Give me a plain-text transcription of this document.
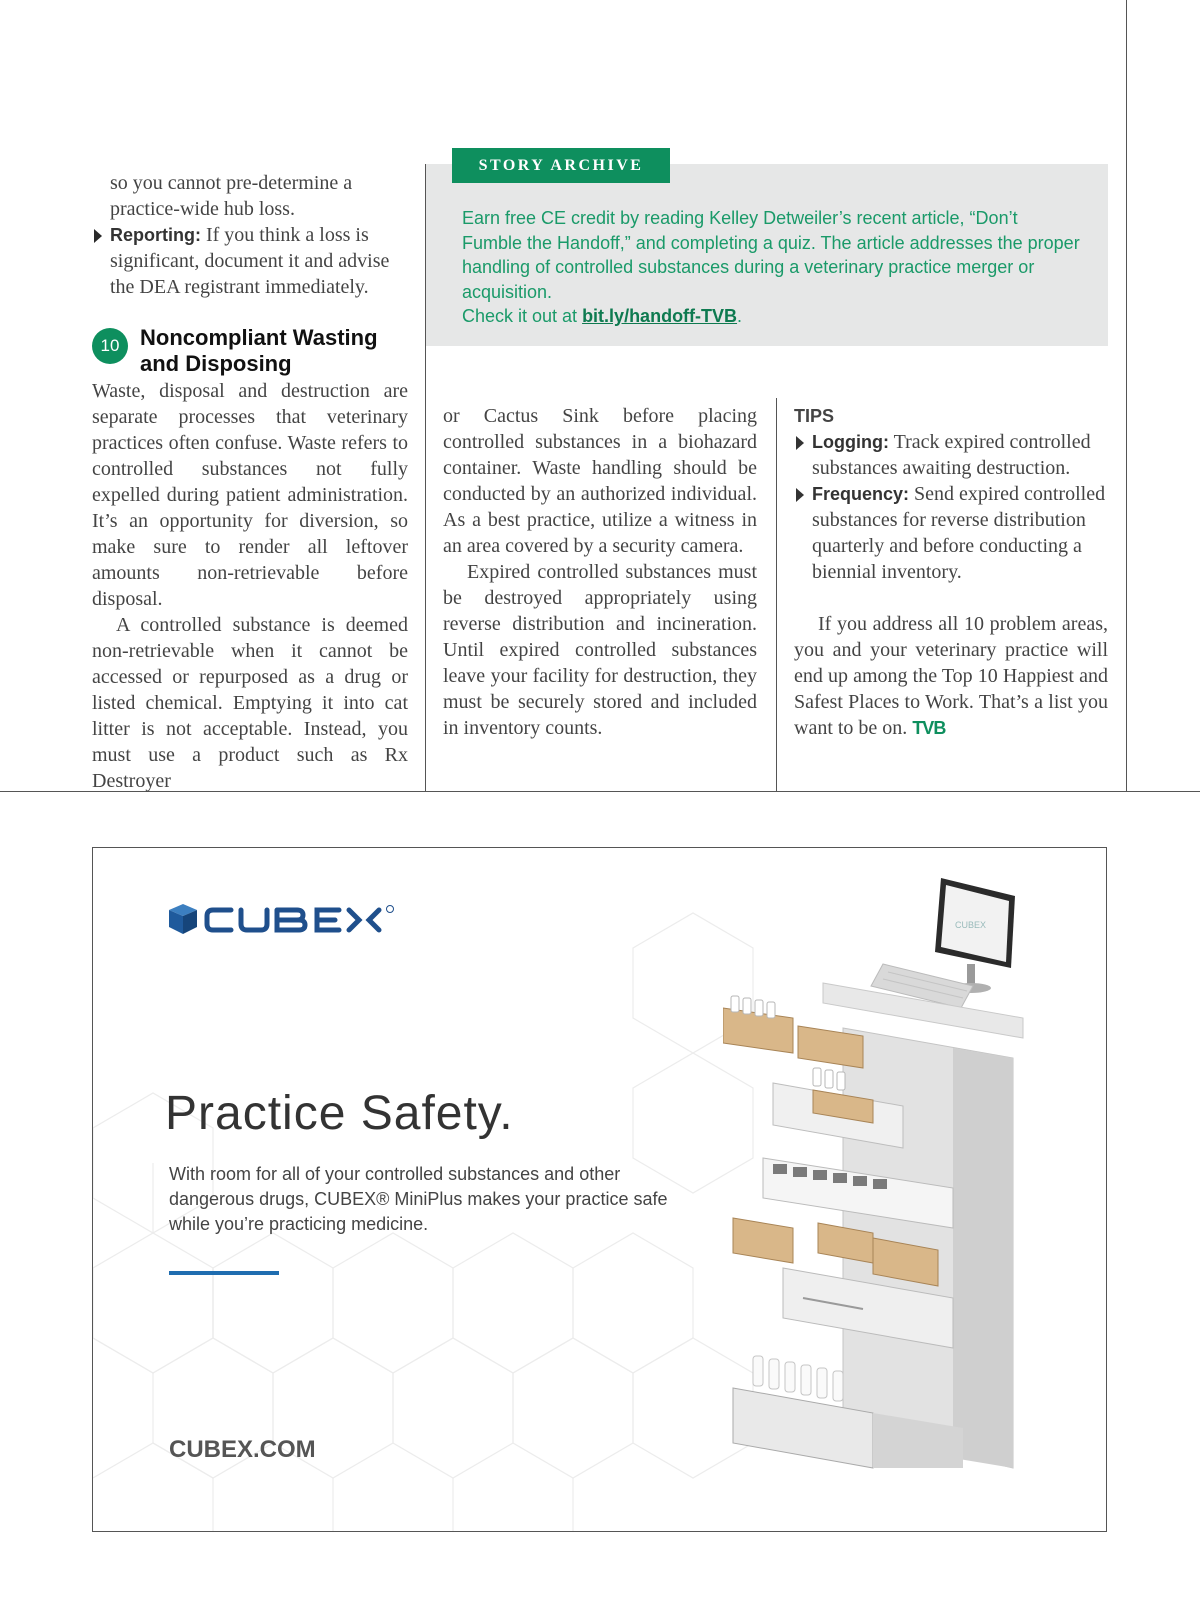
so you cannot pre-determine a practice-wide hub loss.
Reporting: If you think a loss is significant, document it and advise the DEA registrant immediately.
10 Noncompliant Wasting and Disposing

Waste, disposal and destruction are separate processes that veterinary practices often confuse. Waste refers to controlled substances not fully expelled during patient administration. It’s an opportunity for diversion, so make sure to render all leftover amounts non-retrievable before disposal.

A controlled substance is deemed non-retrievable when it cannot be accessed or repurposed as a drug or listed chemical. Emptying it into cat litter is not acceptable. Instead, you must use a product such as Rx Destroyer

STORY ARCHIVE
Earn free CE credit by reading Kelley Detweiler’s recent article, “Don’t Fumble the Handoff,” and completing a quiz. The article addresses the proper handling of controlled substances during a veterinary practice merger or acquisition.
Check it out at bit.ly/handoff-TVB.

or Cactus Sink before placing controlled substances in a biohazard container. Waste handling should be conducted by an authorized individual. As a best practice, utilize a witness in an area covered by a security camera.

Expired controlled substances must be destroyed appropriately using reverse distribution and incineration. Until expired controlled substances leave your facility for destruction, they must be securely stored and included in inventory counts.

TIPS
Logging: Track expired controlled substances awaiting destruction.
Frequency: Send expired controlled substances for reverse distribution quarterly and before conducting a biennial inventory.

If you address all 10 problem areas, you and your veterinary practice will end up among the Top 10 Happiest and Safest Places to Work. That’s a list you want to be on. TVB

Practice Safety.
With room for all of your controlled substances and other dangerous drugs, CUBEX® MiniPlus makes your practice safe while you’re practicing medicine.
CUBEX.COM
CUBEX
